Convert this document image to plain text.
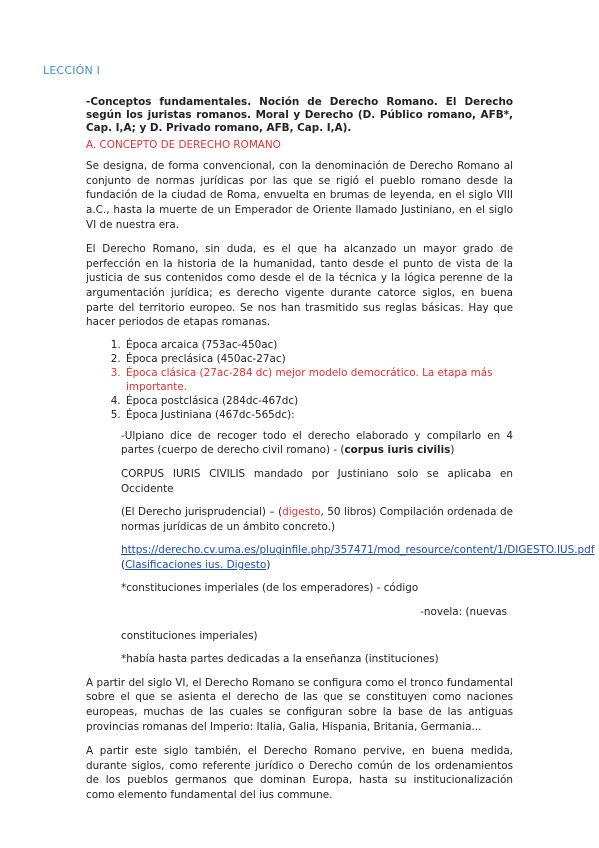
LECCIÓN I

-Conceptos fundamentales. Noción de Derecho Romano. El Derecho según los juristas romanos. Moral y Derecho (D. Público romano, AFB*, Cap. I,A; y D. Privado romano, AFB, Cap. I,A).

A. CONCEPTO DE DERECHO ROMANO

Se designa, de forma convencional, con la denominación de Derecho Romano al conjunto de normas jurídicas por las que se rigió el pueblo romano desde la fundación de la ciudad de Roma, envuelta en brumas de leyenda, en el siglo VIII a.C., hasta la muerte de un Emperador de Oriente llamado Justiniano, en el siglo VI de nuestra era.

El Derecho Romano, sin duda, es el que ha alcanzado un mayor grado de perfección en la historia de la humanidad, tanto desde el punto de vista de la justicia de sus contenidos como desde el de la técnica y la lógica perenne de la argumentación jurídica; es derecho vigente durante catorce siglos, en buena parte del territorio europeo. Se nos han trasmitido sus reglas básicas. Hay que hacer periodos de etapas romanas.

1. Época arcaica (753ac-450ac)
2. Época preclásica (450ac-27ac)
3. Época clásica (27ac-284 dc) mejor modelo democrático. La etapa más importante.
4. Época postclásica (284dc-467dc)
5. Época Justiniana (467dc-565dc):

-Ulpiano dice de recoger todo el derecho elaborado y compilarlo en 4 partes (cuerpo de derecho civil romano) - (corpus iuris civilis)

CORPUS IURIS CIVILIS mandado por Justiniano solo se aplicaba en Occidente

(El Derecho jurisprudencial) – (digesto, 50 libros) Compilación ordenada de normas jurídicas de un ámbito concreto.)

https://derecho.cv.uma.es/pluginfile.php/357471/mod_resource/content/1/DIGESTO.IUS.pdf (Clasificaciones ius. Digesto)

*constituciones imperiales (de los emperadores) - código

-novela: (nuevas

constituciones imperiales)

*había hasta partes dedicadas a la enseñanza (instituciones)

A partir del siglo VI, el Derecho Romano se configura como el tronco fundamental sobre el que se asienta el derecho de las que se constituyen como naciones europeas, muchas de las cuales se configuran sobre la base de las antiguas provincias romanas del Imperio: Italia, Galia, Hispania, Britania, Germania...

A partir este siglo también, el Derecho Romano pervive, en buena medida, durante siglos, como referente jurídico o Derecho común de los ordenamientos de los pueblos germanos que dominan Europa, hasta su institucionalización como elemento fundamental del ius commune.
